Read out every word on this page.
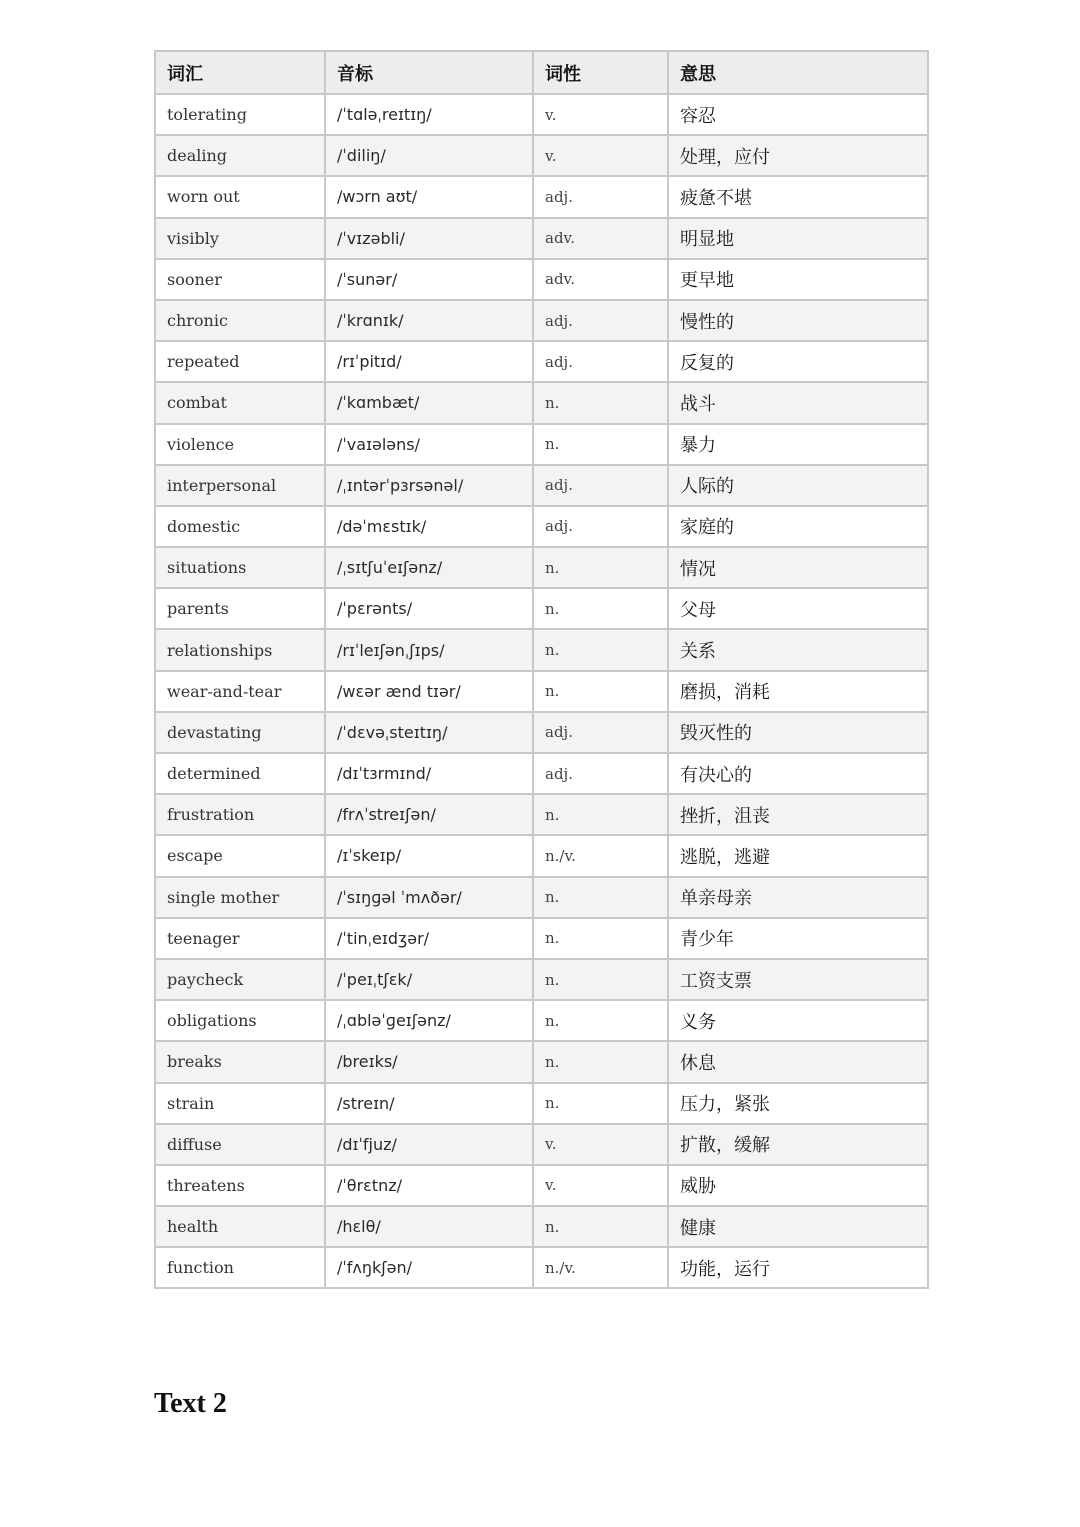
词汇	音标	词性	意思
tolerating	/ˈtɑləˌreɪtɪŋ/	v.	容忍
dealing	/ˈdiliŋ/	v.	处理，应付
worn out	/wɔrn aʊt/	adj.	疲惫不堪
visibly	/ˈvɪzəbli/	adv.	明显地
sooner	/ˈsunər/	adv.	更早地
chronic	/ˈkrɑnɪk/	adj.	慢性的
repeated	/rɪˈpitɪd/	adj.	反复的
combat	/ˈkɑmbæt/	n.	战斗
violence	/ˈvaɪələns/	n.	暴力
interpersonal	/ˌɪntərˈpɜrsənəl/	adj.	人际的
domestic	/dəˈmɛstɪk/	adj.	家庭的
situations	/ˌsɪtʃuˈeɪʃənz/	n.	情况
parents	/ˈpɛrənts/	n.	父母
relationships	/rɪˈleɪʃənˌʃɪps/	n.	关系
wear-and-tear	/wɛər ænd tɪər/	n.	磨损，消耗
devastating	/ˈdɛvəˌsteɪtɪŋ/	adj.	毁灭性的
determined	/dɪˈtɜrmɪnd/	adj.	有决心的
frustration	/frʌˈstreɪʃən/	n.	挫折，沮丧
escape	/ɪˈskeɪp/	n./v.	逃脱，逃避
single mother	/ˈsɪŋɡəl ˈmʌðər/	n.	单亲母亲
teenager	/ˈtinˌeɪdʒər/	n.	青少年
paycheck	/ˈpeɪˌtʃɛk/	n.	工资支票
obligations	/ˌɑbləˈɡeɪʃənz/	n.	义务
breaks	/breɪks/	n.	休息
strain	/streɪn/	n.	压力，紧张
diffuse	/dɪˈfjuz/	v.	扩散，缓解
threatens	/ˈθrɛtnz/	v.	威胁
health	/hɛlθ/	n.	健康
function	/ˈfʌŋkʃən/	n./v.	功能，运行
Text 2
